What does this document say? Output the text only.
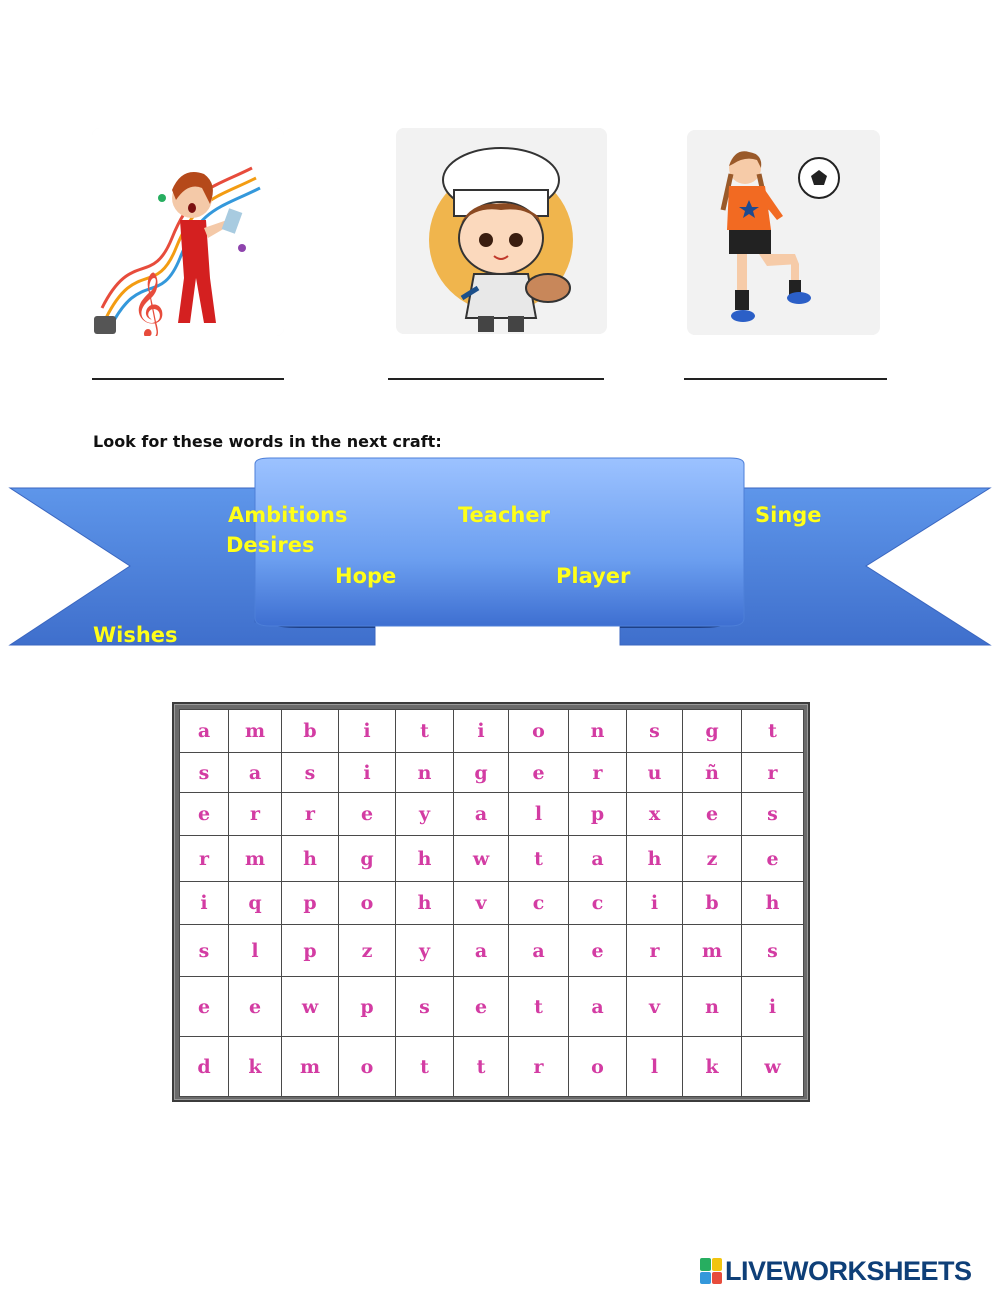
𝄞
Look for these words in the next craft:
Ambitions	Teacher	Singe
Desires
Hope	Player
Wishes
a	m	b	i	t	i	o	n	s	g	t
s	a	s	i	n	g	e	r	u	ñ	r
e	r	r	e	y	a	l	p	x	e	s
r	m	h	g	h	w	t	a	h	z	e
i	q	p	o	h	v	c	c	i	b	h
s	l	p	z	y	a	a	e	r	m	s
e	e	w	p	s	e	t	a	v	n	i
d	k	m	o	t	t	r	o	l	k	w
LIVEWORKSHEETS
